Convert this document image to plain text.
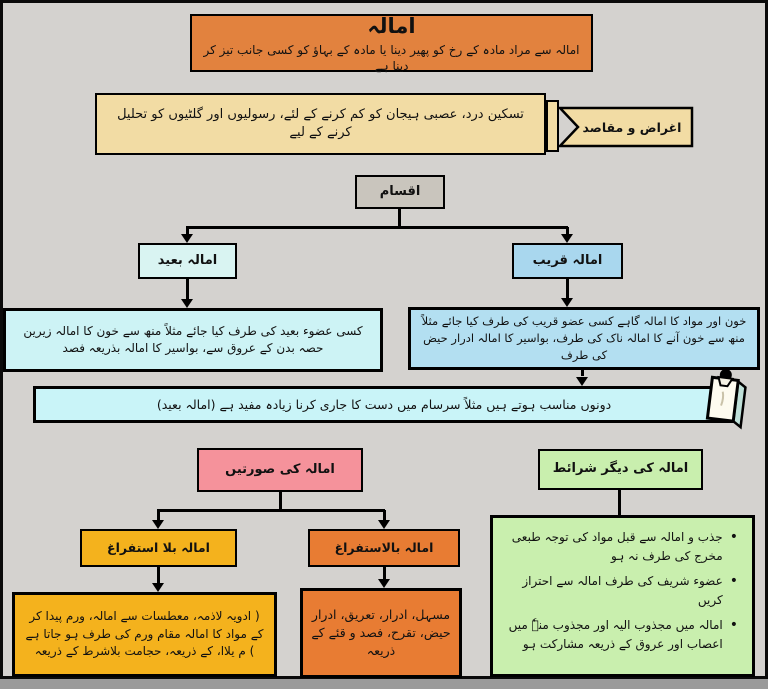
امالہ
امالہ سے مراد مادہ کے رخ کو پھیر دینا یا مادہ کے بہاؤ کو کسی جانب تیز کر دینا ہے
تسکین درد، عصبی ہیجان کو کم کرنے کے لئے، رسولیوں اور گلٹیوں کو تحلیل کرنے کے لیے	اغراض و مقاصد
اقسام
امالہ بعید	امالہ قریب
کسی عضوء بعید کی طرف کیا جائے مثلاً منھ سے خون کا امالہ زیرین حصہ بدن کے عروق سے، بواسیر کا امالہ بذریعہ فصد
خون اور مواد کا امالہ گاہے کسی عضو قریب کی طرف کیا جائے مثلاً منھ سے خون آنے کا امالہ ناک کی طرف، بواسیر کا امالہ ادرار حیض کی طرف
دونوں مناسب ہوتے ہیں مثلاً سرسام میں دست کا جاری کرنا زیادہ مفید ہے (امالہ بعید)
امالہ کی صورتیں	امالہ کی دیگر شرائط
امالہ بلا استفراغ	امالہ بالاستفراغ
( ادویہ لاذمہ، معطسات سے امالہ، ورم پیدا کر کے مواد کا امالہ مقام ورم کی طرف ہو جاتا ہے ) م یلاا، کے ذریعہ، حجامت بلاشرط کے ذریعہ
مسہل، ادرار، تعریق، ادرار حیض، تقرح، فصد و قئے کے ذریعہ
•
جذب و امالہ سے قبل مواد کی توجہ طبعی مخرج کی طرف نہ ہو
•
عضوء شریف کی طرف امالہ سے احتراز کریں
•
امالہ میں مجذوب الیہ اور مجذوب منہٗ میں اعصاب اور عروق کے ذریعہ مشارکت ہو
